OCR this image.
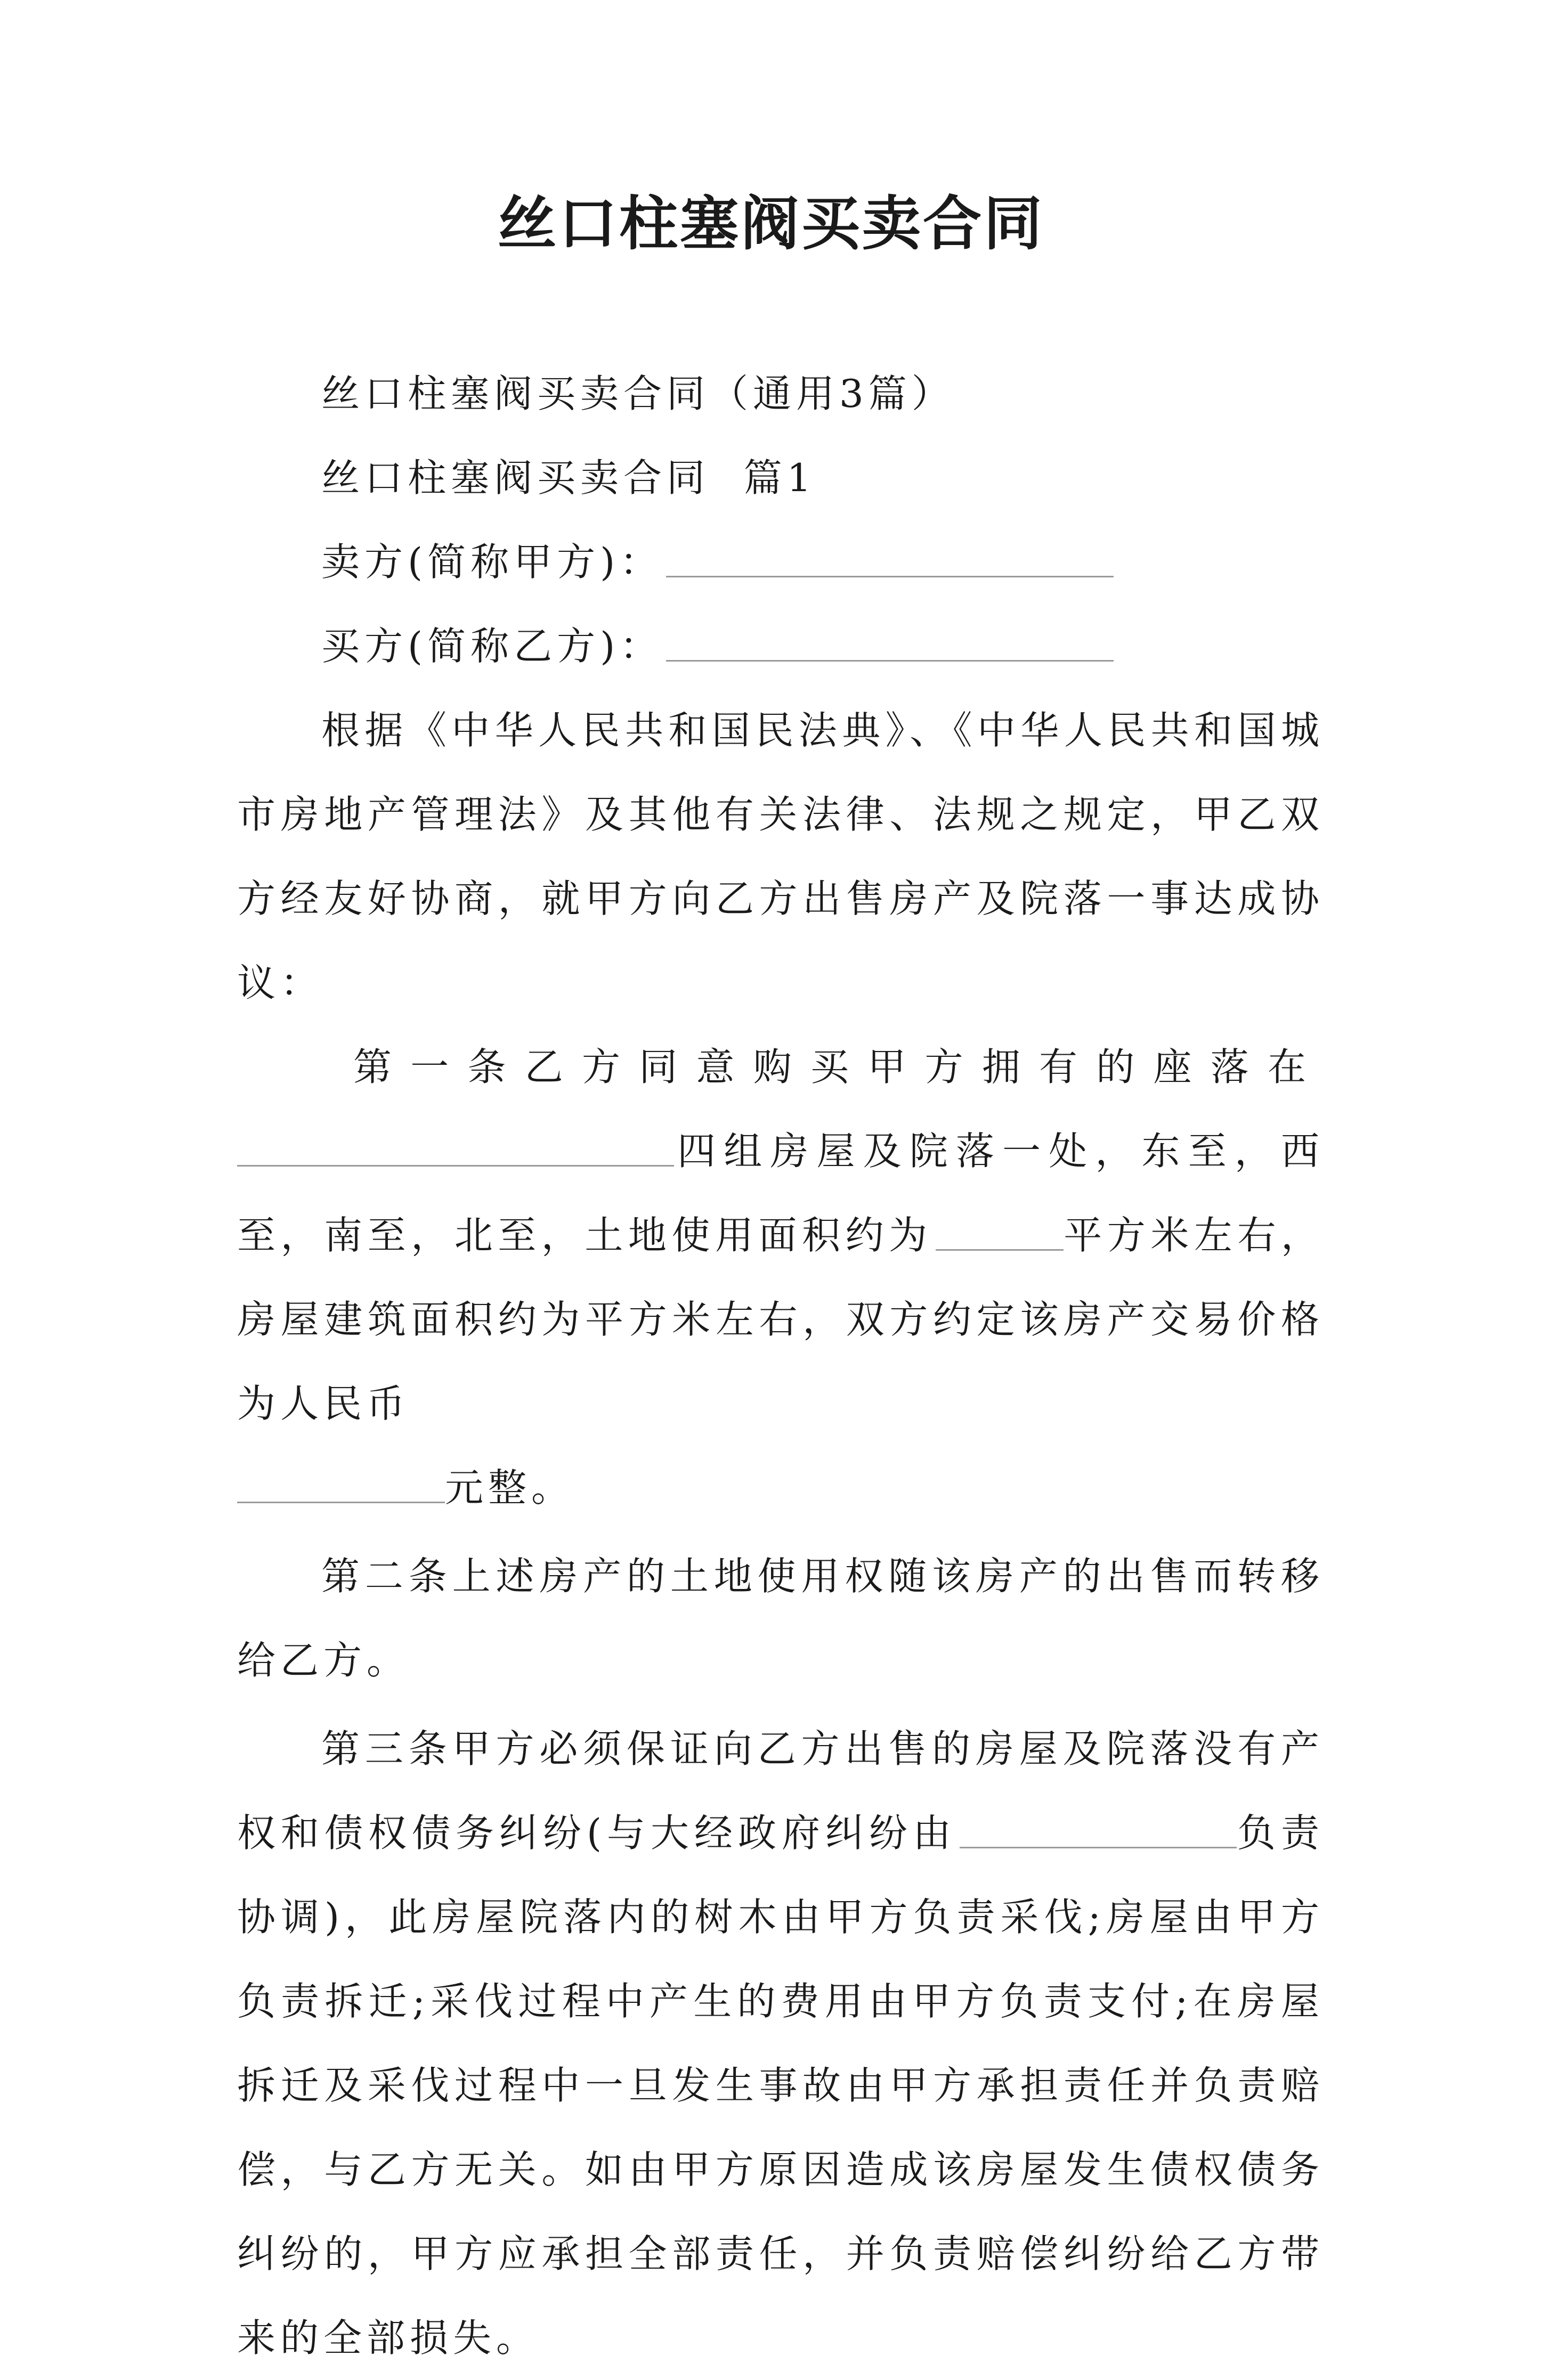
丝口柱塞阀买卖合同

丝口柱塞阀买卖合同（通用3篇）

丝口柱塞阀买卖合同  篇1

卖方(简称甲方)：

买方(简称乙方)：

根据《中华人民共和国民法典》、《中华人民共和国城市房地产管理法》及其他有关法律、法规之规定，甲乙双方经友好协商，就甲方向乙方出售房产及院落一事达成协议：

第一条乙方同意购买甲方拥有的座落在

四组房屋及院落一处，东至，西至，南至，北至，土地使用面积约为	平方米左右，房屋建筑面积约为平方米左右，双方约定该房产交易价格为人民币
元整。

第二条上述房产的土地使用权随该房产的出售而转移给乙方。

第三条甲方必须保证向乙方出售的房屋及院落没有产权和债权债务纠纷(与大经政府纠纷由	负责协调)，此房屋院落内的树木由甲方负责采伐;房屋由甲方负责拆迁;采伐过程中产生的费用由甲方负责支付;在房屋拆迁及采伐过程中一旦发生事故由甲方承担责任并负责赔偿，与乙方无关。如由甲方原因造成该房屋发生债权债务纠纷的，甲方应承担全部责任，并负责赔偿纠纷给乙方带来的全部损失。
